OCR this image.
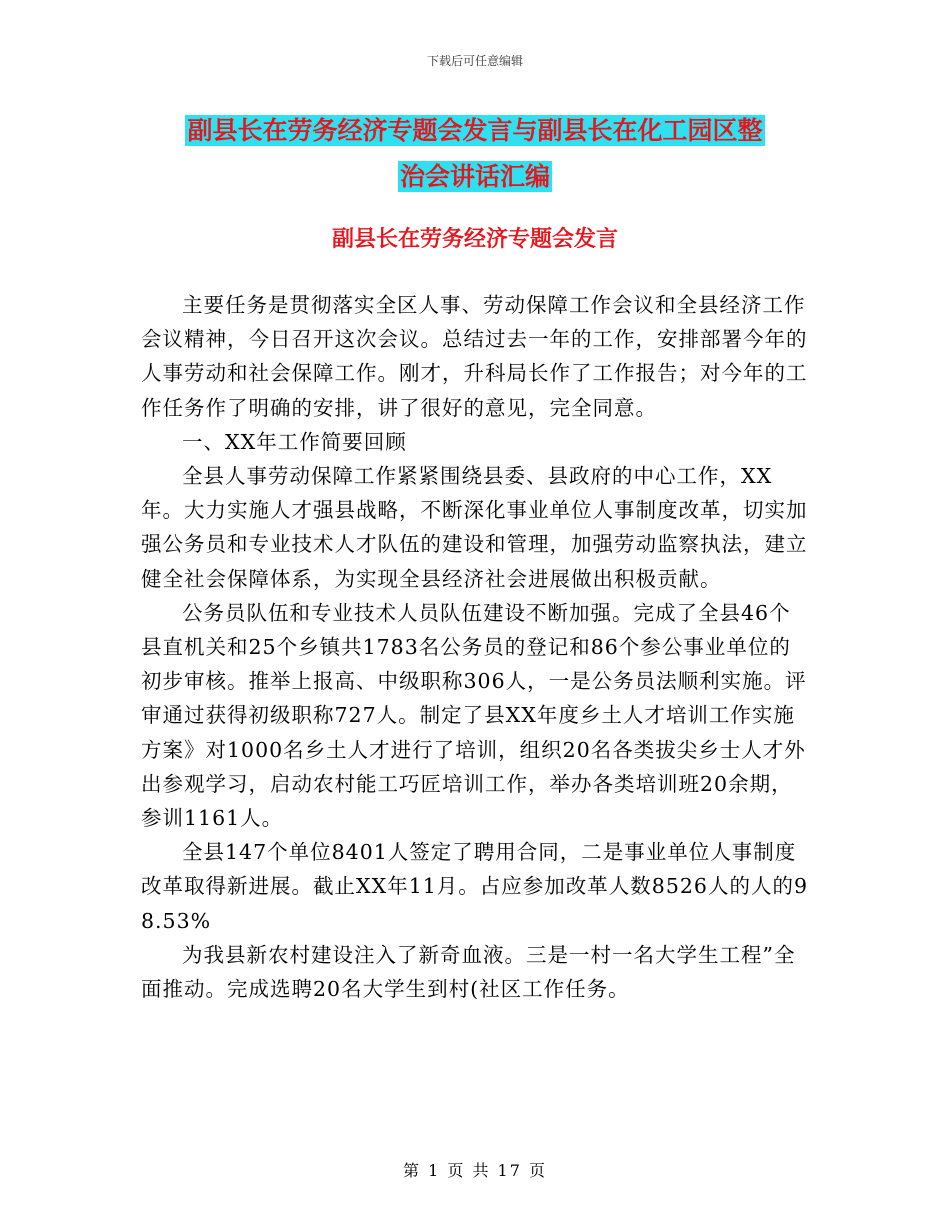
下载后可任意编辑
副县长在劳务经济专题会发言与副县长在化工园区整
治会讲话汇编
副县长在劳务经济专题会发言

主要任务是贯彻落实全区人事、劳动保障工作会议和全县经济工作会议精神，今日召开这次会议。总结过去一年的工作，安排部署今年的人事劳动和社会保障工作。刚才，升科局长作了工作报告；对今年的工作任务作了明确的安排，讲了很好的意见，完全同意。

一、XX年工作简要回顾

全县人事劳动保障工作紧紧围绕县委、县政府的中心工作，XX年。大力实施人才强县战略，不断深化事业单位人事制度改革，切实加强公务员和专业技术人才队伍的建设和管理，加强劳动监察执法，建立健全社会保障体系，为实现全县经济社会进展做出积极贡献。

公务员队伍和专业技术人员队伍建设不断加强。完成了全县46个县直机关和25个乡镇共1783名公务员的登记和86个参公事业单位的初步审核。推举上报高、中级职称306人，一是公务员法顺利实施。评审通过获得初级职称727人。制定了县XX年度乡土人才培训工作实施方案》对1000名乡土人才进行了培训，组织20名各类拔尖乡士人才外出参观学习，启动农村能工巧匠培训工作，举办各类培训班20余期，参训1161人。

全县147个单位8401人签定了聘用合同，二是事业单位人事制度改革取得新进展。截止XX年11月。占应参加改革人数8526人的人的98.53%

为我县新农村建设注入了新奇血液。三是一村一名大学生工程”全面推动。完成选聘20名大学生到村(社区工作任务。

第 1 页 共 17 页
